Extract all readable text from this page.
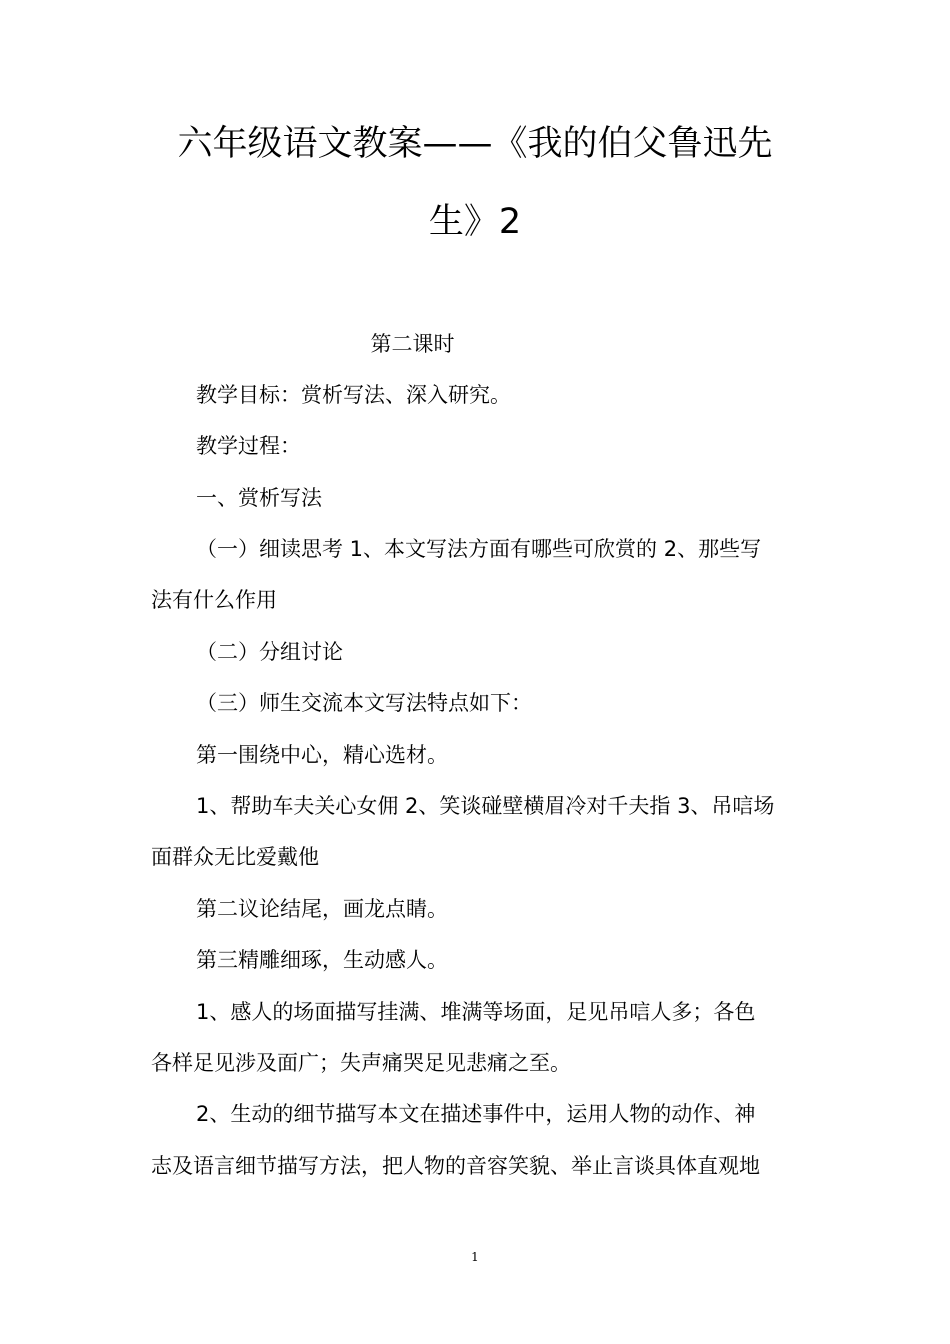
六年级语文教案——《我的伯父鲁迅先
生》2
第二课时
教学目标：赏析写法、深入研究。
教学过程：
一、赏析写法
（一）细读思考 1、本文写法方面有哪些可欣赏的 2、那些写
法有什么作用
（二）分组讨论
（三）师生交流本文写法特点如下：
第一围绕中心，精心选材。
1、帮助车夫关心女佣 2、笑谈碰壁横眉冷对千夫指 3、吊唁场
面群众无比爱戴他
第二议论结尾，画龙点睛。
第三精雕细琢，生动感人。
1、感人的场面描写挂满、堆满等场面，足见吊唁人多；各色
各样足见涉及面广；失声痛哭足见悲痛之至。
2、生动的细节描写本文在描述事件中，运用人物的动作、神
志及语言细节描写方法，把人物的音容笑貌、举止言谈具体直观地
1
